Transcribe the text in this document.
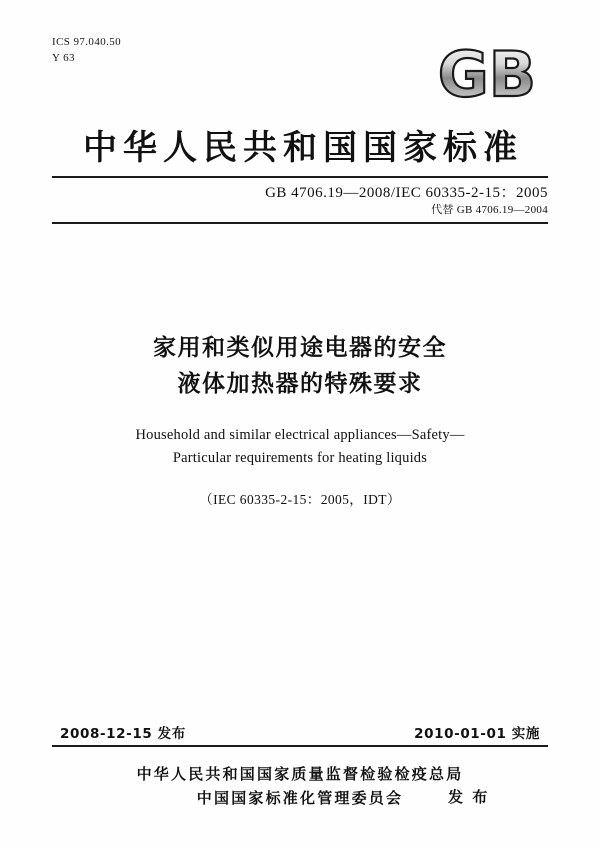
ICS 97.040.50
Y 63	GB
中华人民共和国国家标准
GB 4706.19—2008/IEC 60335-2-15：2005
代替 GB 4706.19—2004
家用和类似用途电器的安全
液体加热器的特殊要求
Household and similar electrical appliances—Safety—
Particular requirements for heating liquids
（IEC 60335-2-15：2005，IDT）
2008-12-15 发布	2010-01-01 实施
中华人民共和国国家质量监督检验检疫总局
中国国家标准化管理委员会	发 布
